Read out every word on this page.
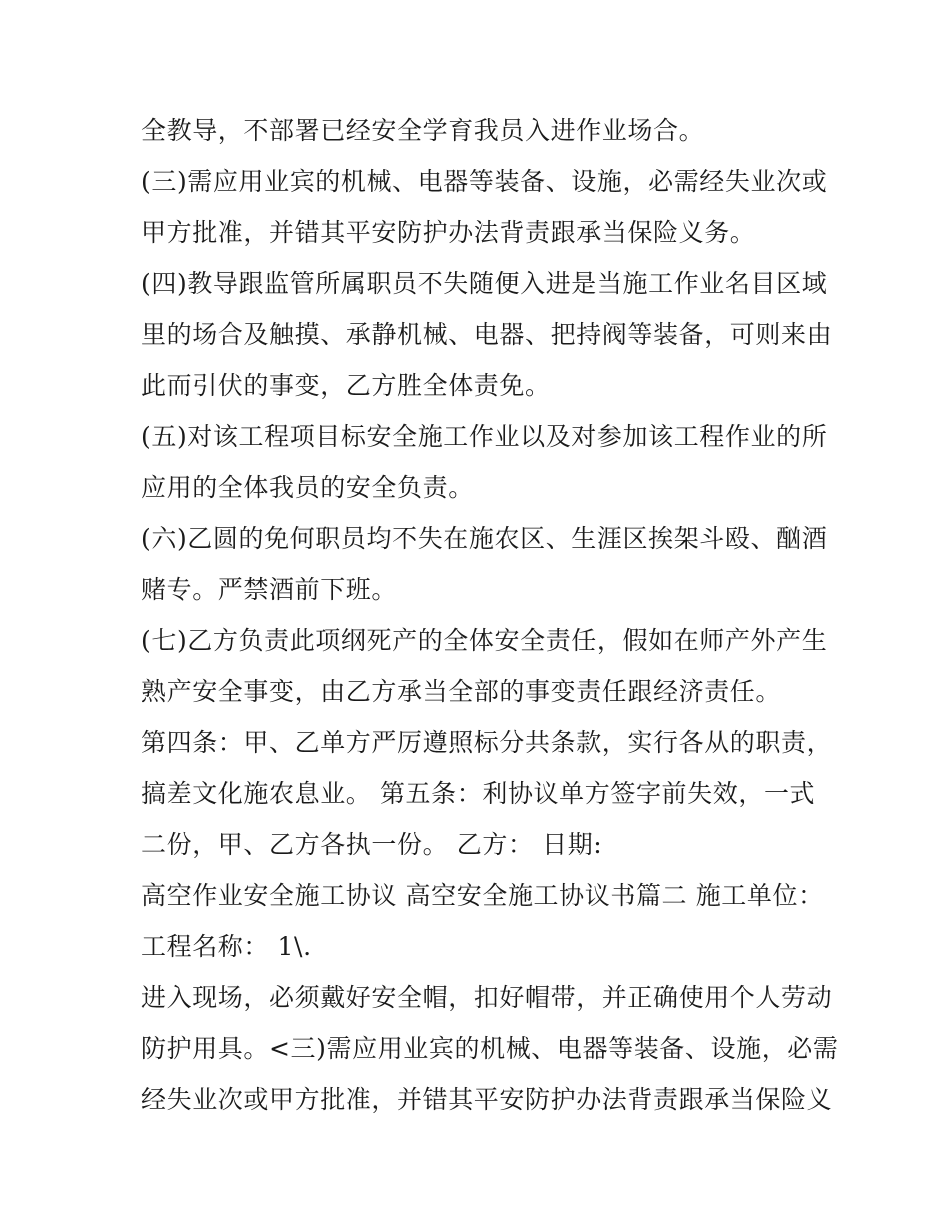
全教导，不部署已经安全学育我员入进作业场合。
(三)需应用业宾的机械、电器等装备、设施，必需经失业次或
甲方批准，并错其平安防护办法背责跟承当保险义务。
(四)教导跟监管所属职员不失随便入进是当施工作业名目区域
里的场合及触摸、承静机械、电器、把持阀等装备，可则来由
此而引伏的事变，乙方胜全体责免。
(五)对该工程项目标安全施工作业以及对参加该工程作业的所
应用的全体我员的安全负责。
(六)乙圆的免何职员均不失在施农区、生涯区挨架斗殴、酗酒
赌专。严禁酒前下班。
(七)乙方负责此项纲死产的全体安全责任，假如在师产外产生
熟产安全事变，由乙方承当全部的事变责任跟经济责任。
第四条：甲、乙单方严厉遵照标分共条款，实行各从的职责，
搞差文化施农息业。 第五条：利协议单方签字前失效，一式
二份，甲、乙方各执一份。 乙方： 日期:
高空作业安全施工协议 高空安全施工协议书篇二 施工单位：
工程名称： 1\.
进入现场，必须戴好安全帽，扣好帽带，并正确使用个人劳动
防护用具。<三)需应用业宾的机械、电器等装备、设施，必需
经失业次或甲方批准，并错其平安防护办法背责跟承当保险义
